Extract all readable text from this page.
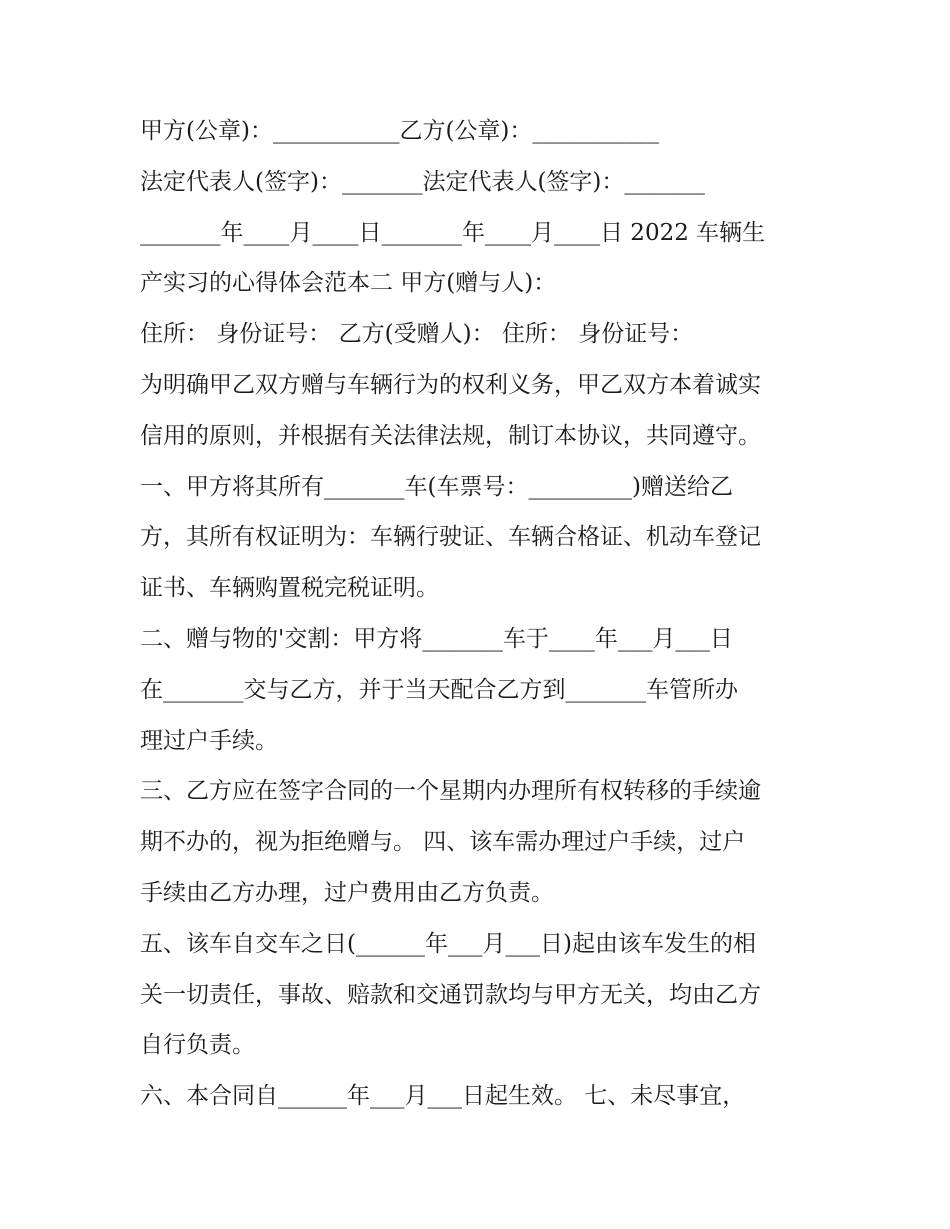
甲方(公章)：___________乙方(公章)：___________
法定代表人(签字)：_______法定代表人(签字)：_______
_______年____月____日_______年____月____日 2022 车辆生
产实习的心得体会范本二 甲方(赠与人)：
住所： 身份证号： 乙方(受赠人)： 住所： 身份证号：
为明确甲乙双方赠与车辆行为的权利义务，甲乙双方本着诚实
信用的原则，并根据有关法律法规，制订本协议，共同遵守。
一、甲方将其所有_______车(车票号：_________)赠送给乙
方，其所有权证明为：车辆行驶证、车辆合格证、机动车登记
证书、车辆购置税完税证明。
二、赠与物的'交割：甲方将_______车于____年___月___日
在_______交与乙方，并于当天配合乙方到_______车管所办
理过户手续。
三、乙方应在签字合同的一个星期内办理所有权转移的手续逾
期不办的，视为拒绝赠与。 四、该车需办理过户手续，过户
手续由乙方办理，过户费用由乙方负责。
五、该车自交车之日(______年___月___日)起由该车发生的相
关一切责任，事故、赔款和交通罚款均与甲方无关，均由乙方
自行负责。
六、本合同自______年___月___日起生效。 七、未尽事宜，
